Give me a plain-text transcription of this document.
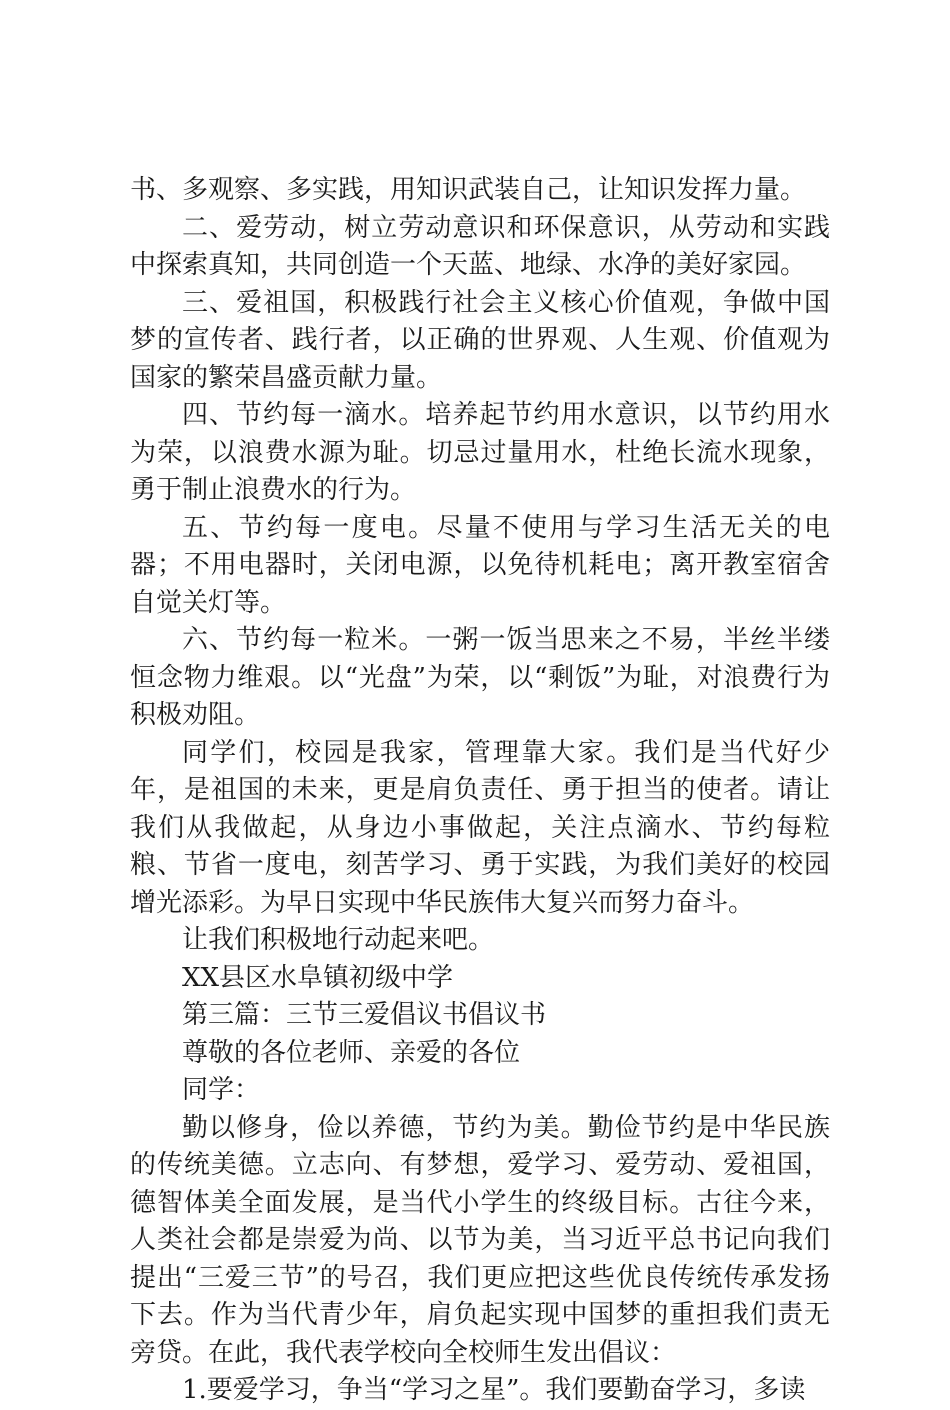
书、多观察、多实践，用知识武装自己，让知识发挥力量。

二、爱劳动，树立劳动意识和环保意识，从劳动和实践中探索真知，共同创造一个天蓝、地绿、水净的美好家园。

三、爱祖国，积极践行社会主义核心价值观，争做中国梦的宣传者、践行者，以正确的世界观、人生观、价值观为国家的繁荣昌盛贡献力量。

四、节约每一滴水。培养起节约用水意识，以节约用水为荣，以浪费水源为耻。切忌过量用水，杜绝长流水现象，勇于制止浪费水的行为。

五、节约每一度电。尽量不使用与学习生活无关的电器；不用电器时，关闭电源，以免待机耗电；离开教室宿舍自觉关灯等。

六、节约每一粒米。一粥一饭当思来之不易，半丝半缕恒念物力维艰。以“光盘”为荣，以“剩饭”为耻，对浪费行为积极劝阻。

同学们，校园是我家，管理靠大家。我们是当代好少年，是祖国的未来，更是肩负责任、勇于担当的使者。请让我们从我做起，从身边小事做起，关注点滴水、节约每粒粮、节省一度电，刻苦学习、勇于实践，为我们美好的校园增光添彩。为早日实现中华民族伟大复兴而努力奋斗。

让我们积极地行动起来吧。

XX县区水阜镇初级中学

第三篇：三节三爱倡议书倡议书

尊敬的各位老师、亲爱的各位

同学：

勤以修身，俭以养德，节约为美。勤俭节约是中华民族的传统美德。立志向、有梦想，爱学习、爱劳动、爱祖国，德智体美全面发展，是当代小学生的终级目标。古往今来，人类社会都是崇爱为尚、以节为美，当习近平总书记向我们提出“三爱三节”的号召，我们更应把这些优良传统传承发扬下去。作为当代青少年，肩负起实现中国梦的重担我们责无旁贷。在此，我代表学校向全校师生发出倡议：

1.要爱学习，争当“学习之星”。我们要勤奋学习，多读
